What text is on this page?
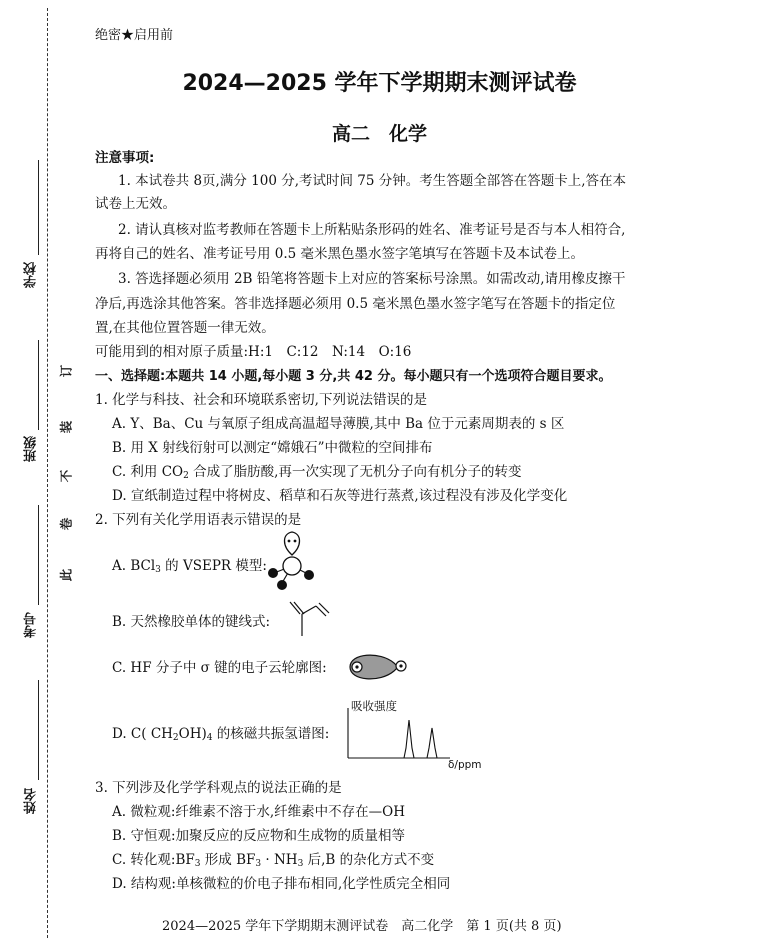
学校
班级
考号
姓名
订
装
不
卷
此
绝密★启用前
2024—2025 学年下学期期末测评试卷
高二　化学
注意事项:
1. 本试卷共 8页,满分 100 分,考试时间 75 分钟。考生答题全部答在答题卡上,答在本
试卷上无效。
2. 请认真核对监考教师在答题卡上所粘贴条形码的姓名、准考证号是否与本人相符合,
再将自己的姓名、准考证号用 0.5 毫米黑色墨水签字笔填写在答题卡及本试卷上。
3. 答选择题必须用 2B 铅笔将答题卡上对应的答案标号涂黑。如需改动,请用橡皮擦干
净后,再选涂其他答案。答非选择题必须用 0.5 毫米黑色墨水签字笔写在答题卡的指定位
置,在其他位置答题一律无效。
可能用到的相对原子质量:H:1　C:12　N:14　O:16
一、选择题:本题共 14 小题,每小题 3 分,共 42 分。每小题只有一个选项符合题目要求。
1. 化学与科技、社会和环境联系密切,下列说法错误的是
A. Y、Ba、Cu 与氧原子组成高温超导薄膜,其中 Ba 位于元素周期表的 s 区
B. 用 X 射线衍射可以测定“嫦娥石”中微粒的空间排布
C. 利用 $CO_2$ 合成了脂肪酸,再一次实现了无机分子向有机分子的转变
D. 宣纸制造过程中将树皮、稻草和石灰等进行蒸煮,该过程没有涉及化学变化
2. 下列有关化学用语表示错误的是
A. BCl$_3$ 的 VSEPR 模型:
B. 天然橡胶单体的键线式:
C. HF 分子中 σ 键的电子云轮廓图:
D. C( $CH_2OH)_4$ 的核磁共振氢谱图:
吸收强度
δ/ppm
3. 下列涉及化学学科观点的说法正确的是
A. 微粒观:纤维素不溶于水,纤维素中不存在—OH
B. 守恒观:加聚反应的反应物和生成物的质量相等
C. 转化观$:BF_3$ 形成 $BF_3 \cdot NH_3$ 后,B 的杂化方式不变
D. 结构观:单核微粒的价电子排布相同,化学性质完全相同
2024—2025 学年下学期期末测评试卷　高二化学　第 1 页(共 8 页)
